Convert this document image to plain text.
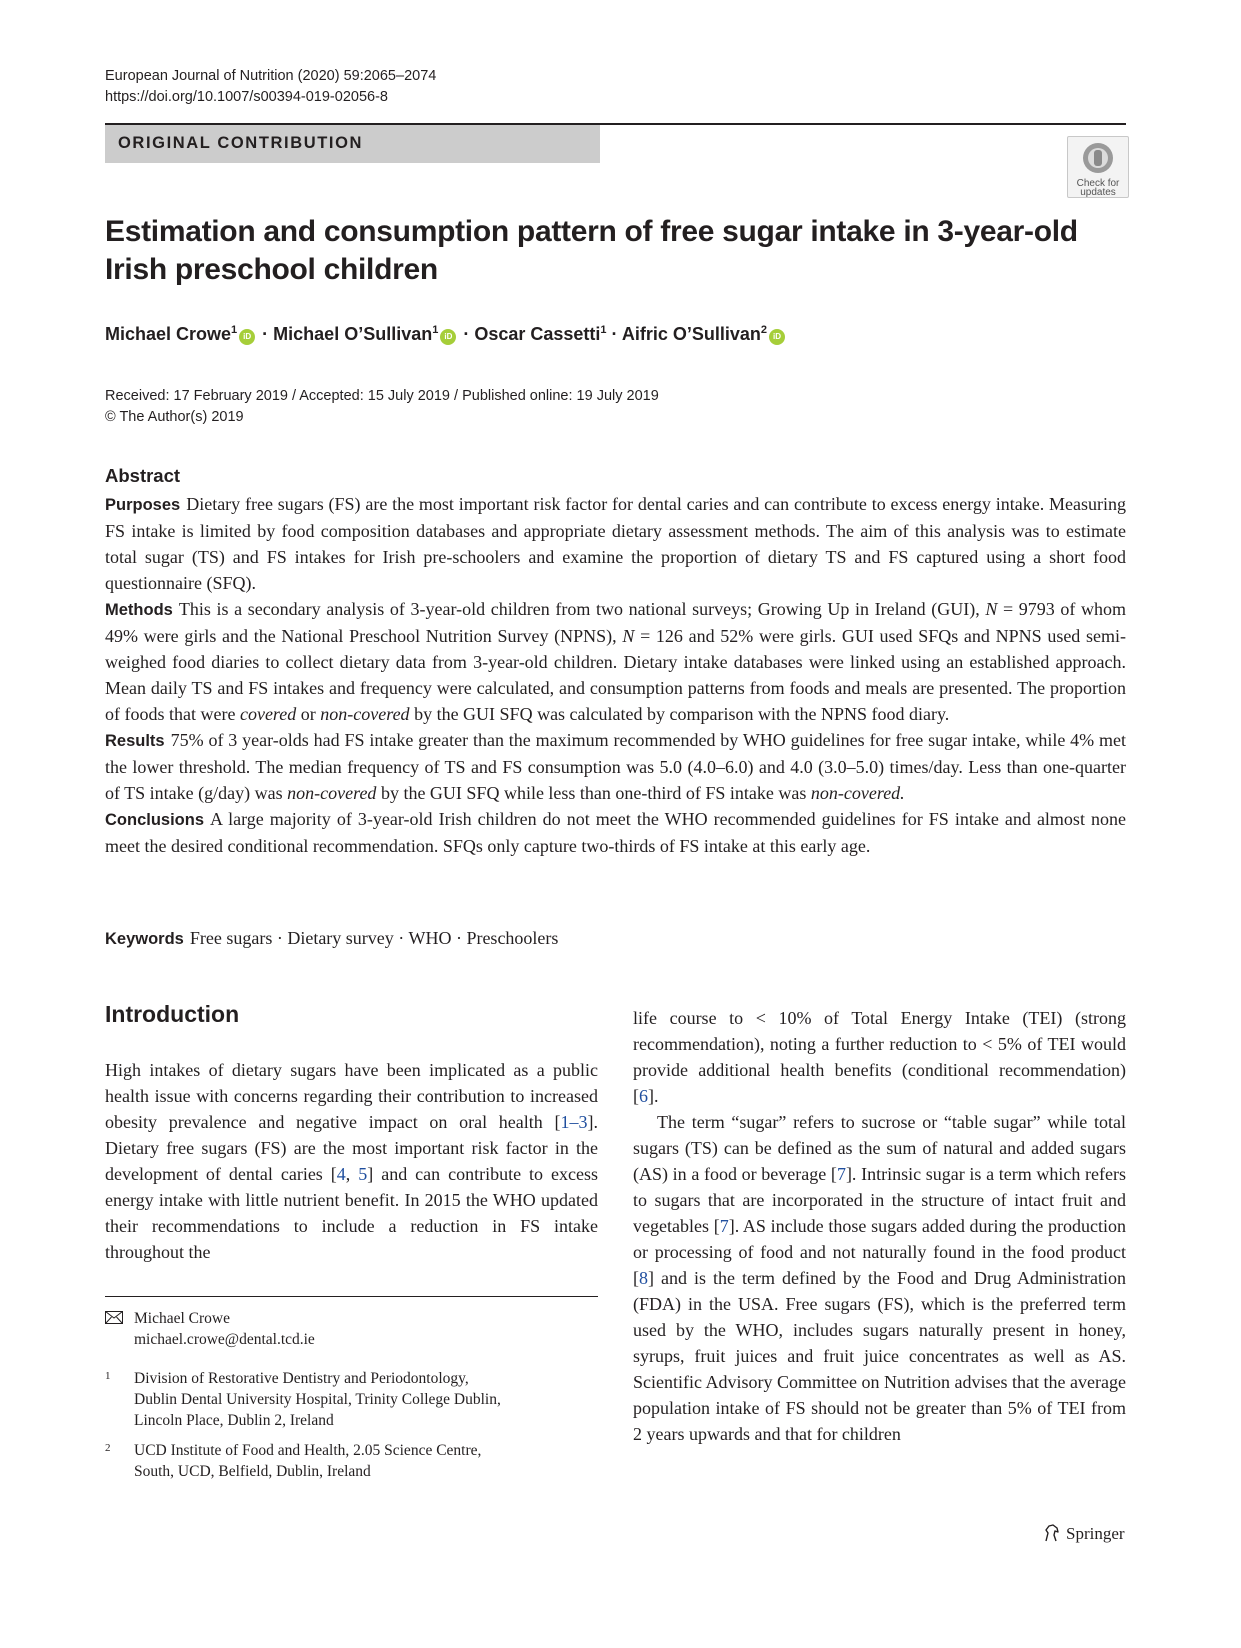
European Journal of Nutrition (2020) 59:2065–2074
https://doi.org/10.1007/s00394-019-02056-8
ORIGINAL CONTRIBUTION
Check for
updates
Estimation and consumption pattern of free sugar intake in 3-year-old
Irish preschool children
Michael Crowe$^1$iD · Michael O’Sullivan$^1$iD · Oscar Cassetti$^1$ · Aifric O’Sullivan$^2$iD
Received: 17 February 2019 / Accepted: 15 July 2019 / Published online: 19 July 2019
© The Author(s) 2019
Abstract

Purposes Dietary free sugars (FS) are the most important risk factor for dental caries and can contribute to excess energy intake. Measuring FS intake is limited by food composition databases and appropriate dietary assessment methods. The aim of this analysis was to estimate total sugar (TS) and FS intakes for Irish pre-schoolers and examine the proportion of dietary TS and FS captured using a short food questionnaire (SFQ).

Methods This is a secondary analysis of 3-year-old children from two national surveys; Growing Up in Ireland (GUI), N = 9793 of whom 49% were girls and the National Preschool Nutrition Survey (NPNS), N = 126 and 52% were girls. GUI used SFQs and NPNS used semi-weighed food diaries to collect dietary data from 3-year-old children. Dietary intake databases were linked using an established approach. Mean daily TS and FS intakes and frequency were calculated, and consumption patterns from foods and meals are presented. The proportion of foods that were covered or non-covered by the GUI SFQ was calculated by comparison with the NPNS food diary.

Results 75% of 3 year-olds had FS intake greater than the maximum recommended by WHO guidelines for free sugar intake, while 4% met the lower threshold. The median frequency of TS and FS consumption was 5.0 (4.0–6.0) and 4.0 (3.0–5.0) times/day. Less than one-quarter of TS intake (g/day) was non-covered by the GUI SFQ while less than one-third of FS intake was non-covered.

Conclusions A large majority of 3-year-old Irish children do not meet the WHO recommended guidelines for FS intake and almost none meet the desired conditional recommendation. SFQs only capture two-thirds of FS intake at this early age.

Keywords Free sugars · Dietary survey · WHO · Preschoolers
Introduction

High intakes of dietary sugars have been implicated as a public health issue with concerns regarding their contribution to increased obesity prevalence and negative impact on oral health [1–3]. Dietary free sugars (FS) are the most important risk factor in the development of dental caries [4, 5] and can contribute to excess energy intake with little nutrient benefit. In 2015 the WHO updated their recommendations to include a reduction in FS intake throughout the

life course to < 10% of Total Energy Intake (TEI) (strong recommendation), noting a further reduction to < 5% of TEI would provide additional health benefits (conditional recommendation) [6].

The term “sugar” refers to sucrose or “table sugar” while total sugars (TS) can be defined as the sum of natural and added sugars (AS) in a food or beverage [7]. Intrinsic sugar is a term which refers to sugars that are incorporated in the structure of intact fruit and vegetables [7]. AS include those sugars added during the production or processing of food and not naturally found in the food product [8] and is the term defined by the Food and Drug Administration (FDA) in the USA. Free sugars (FS), which is the preferred term used by the WHO, includes sugars naturally present in honey, syrups, fruit juices and fruit juice concentrates as well as AS. Scientific Advisory Committee on Nutrition advises that the average population intake of FS should not be greater than 5% of TEI from 2 years upwards and that for children

Michael Crowe
michael.crowe@dental.tcd.ie
1 Division of Restorative Dentistry and Periodontology,
Dublin Dental University Hospital, Trinity College Dublin,
Lincoln Place, Dublin 2, Ireland
2 UCD Institute of Food and Health, 2.05 Science Centre,
South, UCD, Belfield, Dublin, Ireland
Springer
